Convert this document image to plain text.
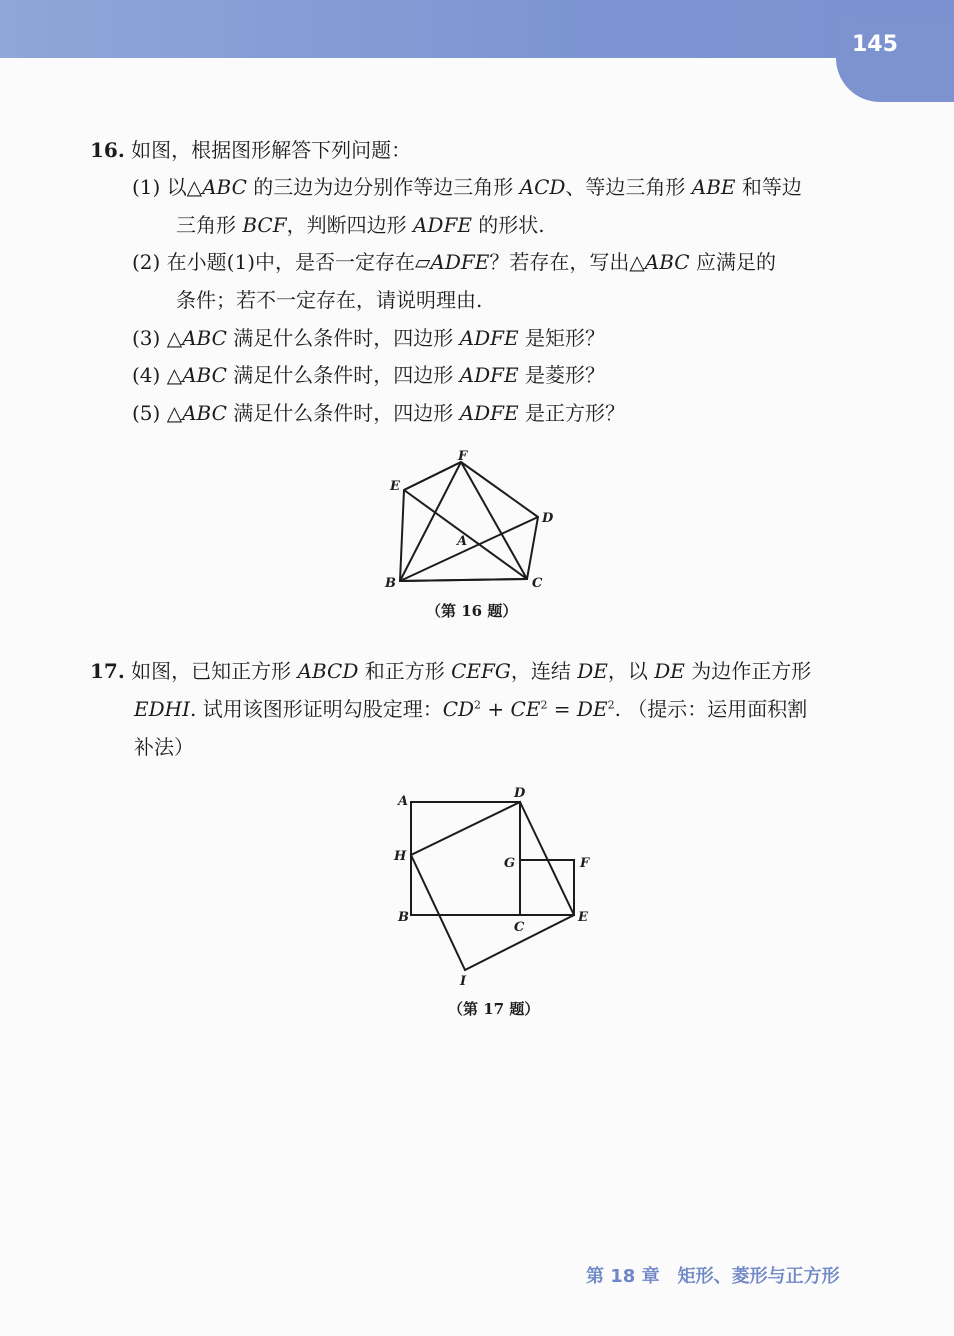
145
16. 如图，根据图形解答下列问题：
(1) 以△ABC 的三边为边分别作等边三角形 ACD、等边三角形 ABE 和等边
三角形 BCF，判断四边形 ADFE 的形状.
(2) 在小题(1)中，是否一定存在▱ADFE？若存在，写出△ABC 应满足的
条件；若不一定存在，请说明理由.
(3) △ABC 满足什么条件时，四边形 ADFE 是矩形？
(4) △ABC 满足什么条件时，四边形 ADFE 是菱形？
(5) △ABC 满足什么条件时，四边形 ADFE 是正方形？
F
E
D
A
B	C
（第 16 题）
17. 如图，已知正方形 ABCD 和正方形 CEFG，连结 DE，以 DE 为边作正方形
EDHI. 试用该图形证明勾股定理：$CD^2 + CE^2 = DE^2$. （提示：运用面积割
补法）
A
D
H	G	F
B
C
E
I
（第 17 题）
第 18 章 矩形、菱形与正方形
